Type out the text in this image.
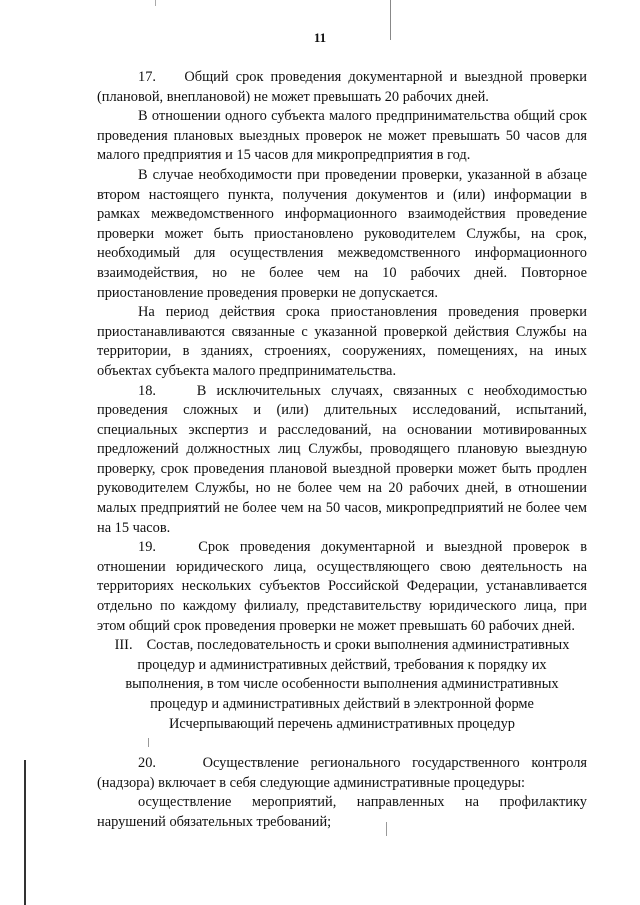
11

17.    Общий срок проведения документарной и выездной проверки (плановой, внеплановой) не может превышать 20 рабочих дней.

В отношении одного субъекта малого предпринимательства общий срок проведения плановых выездных проверок не может превышать 50 часов для малого предприятия и 15 часов для микропредприятия в год.

В случае необходимости при проведении проверки, указанной в абзаце втором настоящего пункта, получения документов и (или) информации в рамках межведомственного информационного взаимодействия проведение проверки может быть приостановлено руководителем Службы, на срок, необходимый для осуществления межведомственного информационного взаимодействия, но не более чем на 10 рабочих дней. Повторное приостановление проведения проверки не допускается.

На период действия срока приостановления проведения проверки приостанавливаются связанные с указанной проверкой действия Службы на территории, в зданиях, строениях, сооружениях, помещениях, на иных объектах субъекта малого предпринимательства.

18.    В исключительных случаях, связанных с необходимостью проведения сложных и (или) длительных исследований, испытаний, специальных экспертиз и расследований, на основании мотивированных предложений должностных лиц Службы, проводящего плановую выездную проверку, срок проведения плановой выездной проверки может быть продлен руководителем Службы, но не более чем на 20 рабочих дней, в отношении малых предприятий не более чем на 50 часов, микропредприятий не более чем на 15 часов.

19.    Срок проведения документарной и выездной проверок в отношении юридического лица, осуществляющего свою деятельность на территориях нескольких субъектов Российской Федерации, устанавливается отдельно по каждому филиалу, представительству юридического лица, при этом общий срок проведения проверки не может превышать 60 рабочих дней.

III. Состав, последовательность и сроки выполнения административных процедур и административных действий, требования к порядку их выполнения, в том числе особенности выполнения административных процедур и административных действий в электронной форме

Исчерпывающий перечень административных процедур

20.    Осуществление регионального государственного контроля (надзора) включает в себя следующие административные процедуры:

осуществление мероприятий, направленных на профилактику нарушений обязательных требований;
